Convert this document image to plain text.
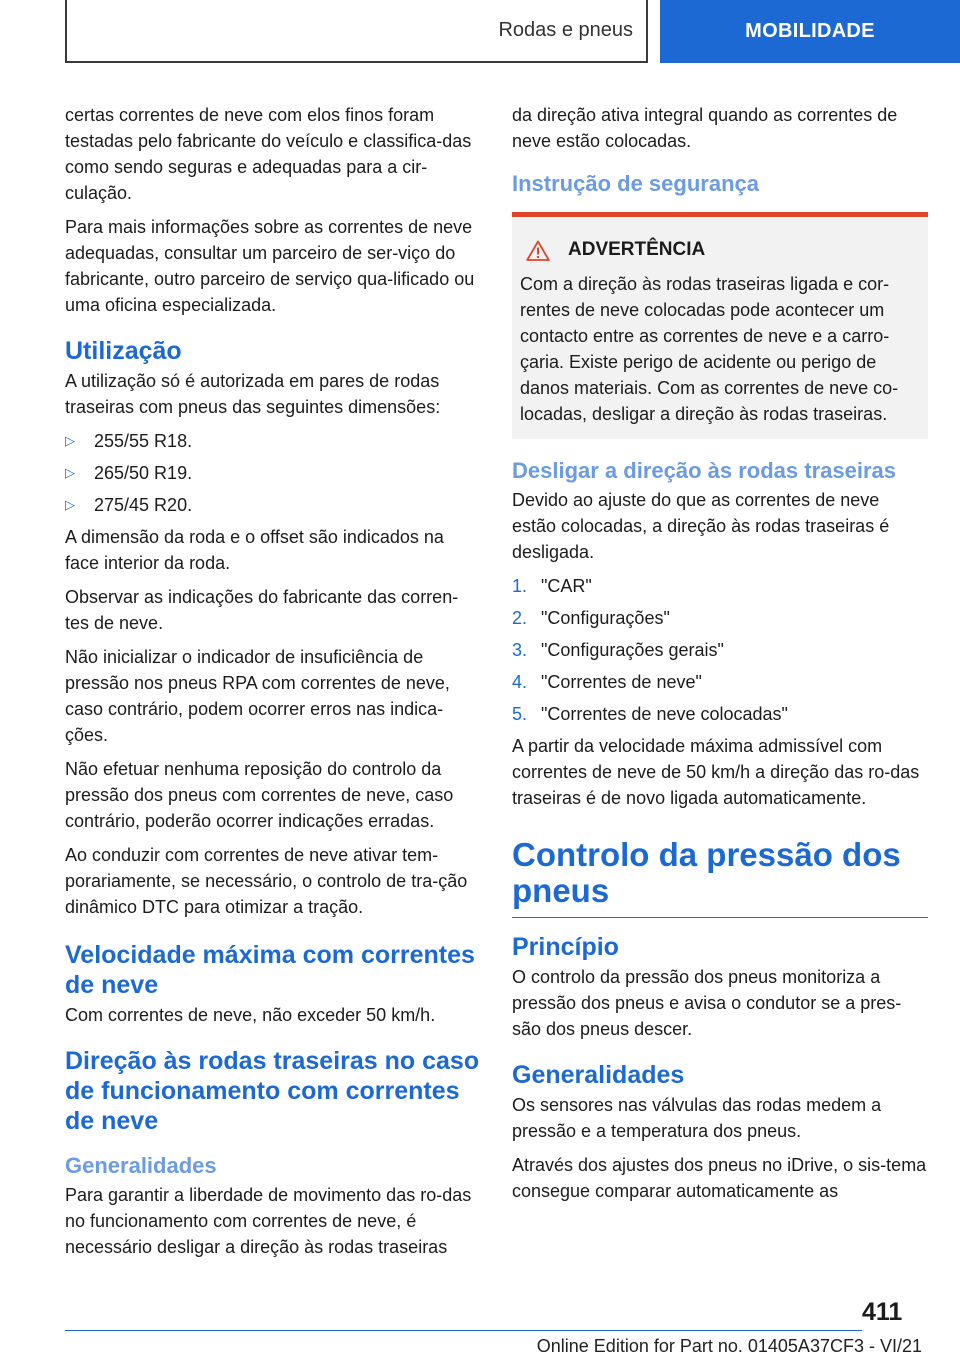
Rodas e pneus	MOBILIDADE

certas correntes de neve com elos finos foram testadas pelo fabricante do veículo e classifica‐das como sendo seguras e adequadas para a cir‐culação.

Para mais informações sobre as correntes de neve adequadas, consultar um parceiro de ser‐viço do fabricante, outro parceiro de serviço qua‐lificado ou uma oficina especializada.

Utilização

A utilização só é autorizada em pares de rodas traseiras com pneus das seguintes dimensões:

▷	255/55 R18.
▷	265/50 R19.
▷	275/45 R20.

A dimensão da roda e o offset são indicados na face interior da roda.

Observar as indicações do fabricante das corren‐tes de neve.

Não inicializar o indicador de insuficiência de pressão nos pneus RPA com correntes de neve, caso contrário, podem ocorrer erros nas indica‐ções.

Não efetuar nenhuma reposição do controlo da pressão dos pneus com correntes de neve, caso contrário, poderão ocorrer indicações erradas.

Ao conduzir com correntes de neve ativar tem‐porariamente, se necessário, o controlo de tra‐ção dinâmico DTC para otimizar a tração.

Velocidade máxima com correntes de neve

Com correntes de neve, não exceder 50 km/h.

Direção às rodas traseiras no caso de funcionamento com correntes de neve
Generalidades

Para garantir a liberdade de movimento das ro‐das no funcionamento com correntes de neve, é necessário desligar a direção às rodas traseiras

da direção ativa integral quando as correntes de neve estão colocadas.

Instrução de segurança
ADVERTÊNCIA

Com a direção às rodas traseiras ligada e cor‐rentes de neve colocadas pode acontecer um contacto entre as correntes de neve e a carro‐çaria. Existe perigo de acidente ou perigo de danos materiais. Com as correntes de neve co‐locadas, desligar a direção às rodas traseiras.

Desligar a direção às rodas traseiras

Devido ao ajuste do que as correntes de neve estão colocadas, a direção às rodas traseiras é desligada.

1. "CAR"
2. "Configurações"
3. "Configurações gerais"
4. "Correntes de neve"
5. "Correntes de neve colocadas"

A partir da velocidade máxima admissível com correntes de neve de 50 km/h a direção das ro‐das traseiras é de novo ligada automaticamente.

Controlo da pressão dos pneus
Princípio

O controlo da pressão dos pneus monitoriza a pressão dos pneus e avisa o condutor se a pres‐são dos pneus descer.

Generalidades

Os sensores nas válvulas das rodas medem a pressão e a temperatura dos pneus.

Através dos ajustes dos pneus no iDrive, o sis‐tema consegue comparar automaticamente as

411
Online Edition for Part no. 01405A37CF3 - VI/21
